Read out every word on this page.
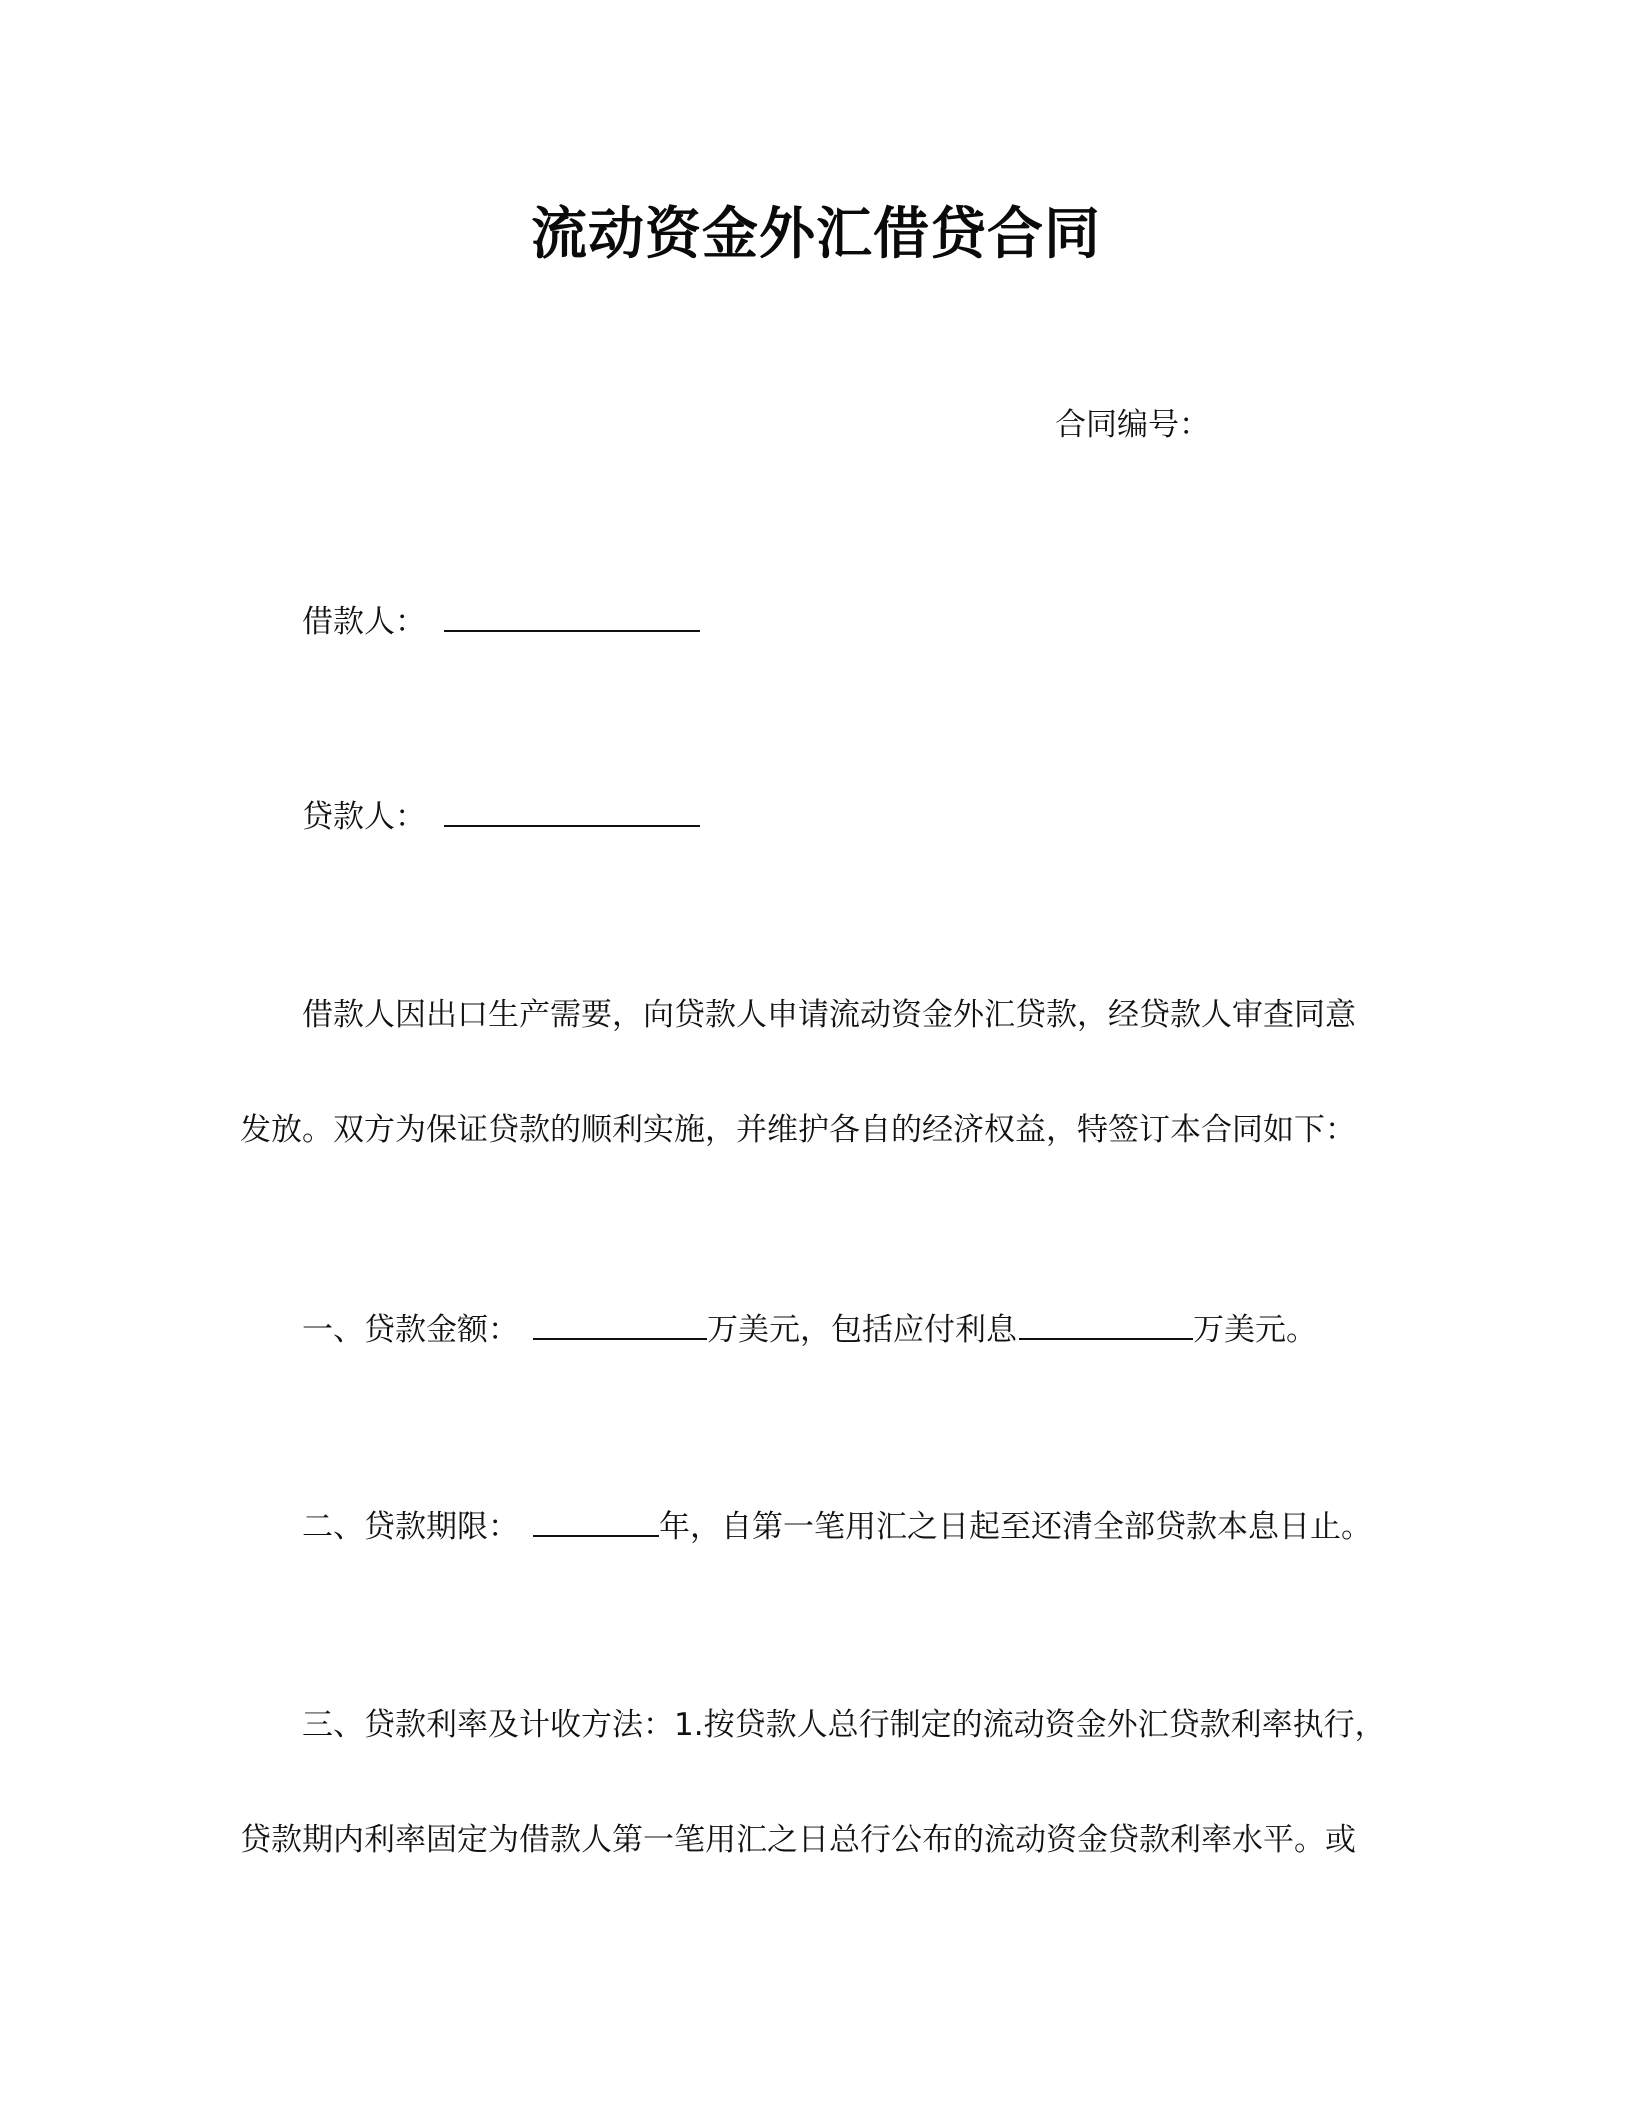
流动资金外汇借贷合同
合同编号：
借款人：
贷款人：
借款人因出口生产需要，向贷款人申请流动资金外汇贷款，经贷款人审查同意
发放。双方为保证贷款的顺利实施，并维护各自的经济权益，特签订本合同如下：
一、贷款金额：	万美元，包括应付利息	万美元。
二、贷款期限：	年，自第一笔用汇之日起至还清全部贷款本息日止。
三、贷款利率及计收方法：1.按贷款人总行制定的流动资金外汇贷款利率执行，
贷款期内利率固定为借款人第一笔用汇之日总行公布的流动资金贷款利率水平。或
